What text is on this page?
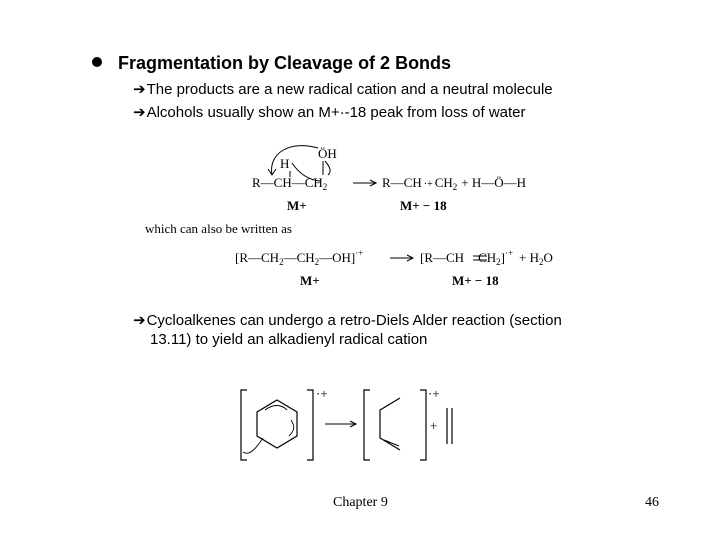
Fragmentation by Cleavage of 2 Bonds
➔The products are a new radical cation and a neutral molecule
➔Alcohols usually show an M+·-18 peak from loss of water
ÖH
H
$R—CH—CH_2$	R—CH ·+ $CH_2$ + H—Ö—H
M+	M+ − 18
which can also be written as
$[R—CH_2—CH_2—OH]^{\cdot+}$	[R—CH $CH_2]^{\cdot+} + H_2O$
M+	M+ − 18
➔Cycloalkenes can undergo a retro-Diels Alder reaction (section
13.11) to yield an alkadienyl radical cation
·+	·+
+
Chapter 9	46
